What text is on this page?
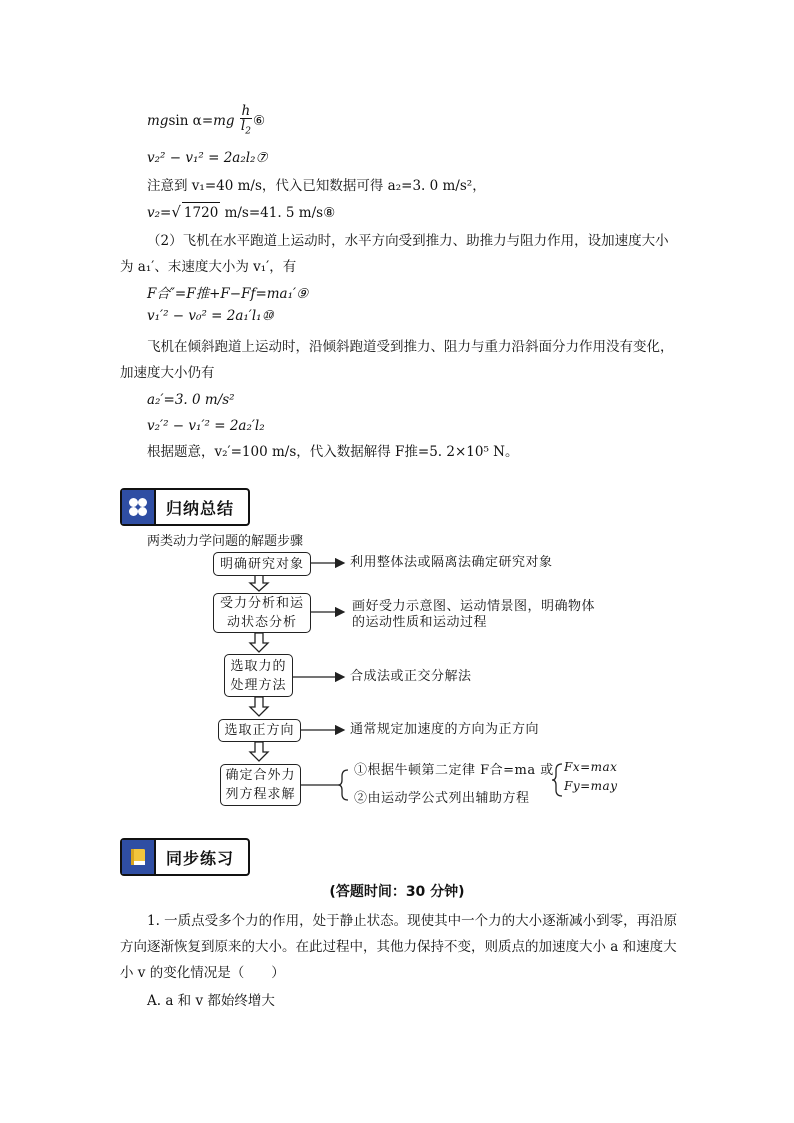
mgsin $\alpha=mg \frac{h}{l_2}$ ⑥
v₂² − v₁² = 2a₂l₂⑦
注意到 v₁=40 m/s，代入已知数据可得 a₂=3. 0 m/s²，
v₂=√ 1720 m/s=41. 5 m/s⑧
（2）飞机在水平跑道上运动时，水平方向受到推力、助推力与阻力作用，设加速度大小为 a₁′、末速度大小为 v₁′，有
F合″=F推+F−Ff=ma₁′⑨
v₁′² − v₀² = 2a₁′l₁⑩
飞机在倾斜跑道上运动时，沿倾斜跑道受到推力、阻力与重力沿斜面分力作用没有变化，加速度大小仍有
a₂′=3. 0 m/s²
v₂′² − v₁′² = 2a₂′l₂
根据题意，v₂′=100 m/s，代入数据解得 F推=5. 2×10⁵ N。
归纳总结
两类动力学问题的解题步骤
明确研究对象
受力分析和运
动状态分析
选取力的
处理方法
选取正方向
确定合外力
列方程求解
利用整体法或隔离法确定研究对象
画好受力示意图、运动情景图，明确物体
的运动性质和运动过程
合成法或正交分解法
通常规定加速度的方向为正方向
①根据牛顿第二定律 F合=ma 或 Fx=max
Fy=may
②由运动学公式列出辅助方程
同步练习
(答题时间：30 分钟)
1. 一质点受多个力的作用，处于静止状态。现使其中一个力的大小逐渐减小到零，再沿原方向逐渐恢复到原来的大小。在此过程中，其他力保持不变，则质点的加速度大小 a 和速度大小 v 的变化情况是（　　）
A. a 和 v 都始终增大
